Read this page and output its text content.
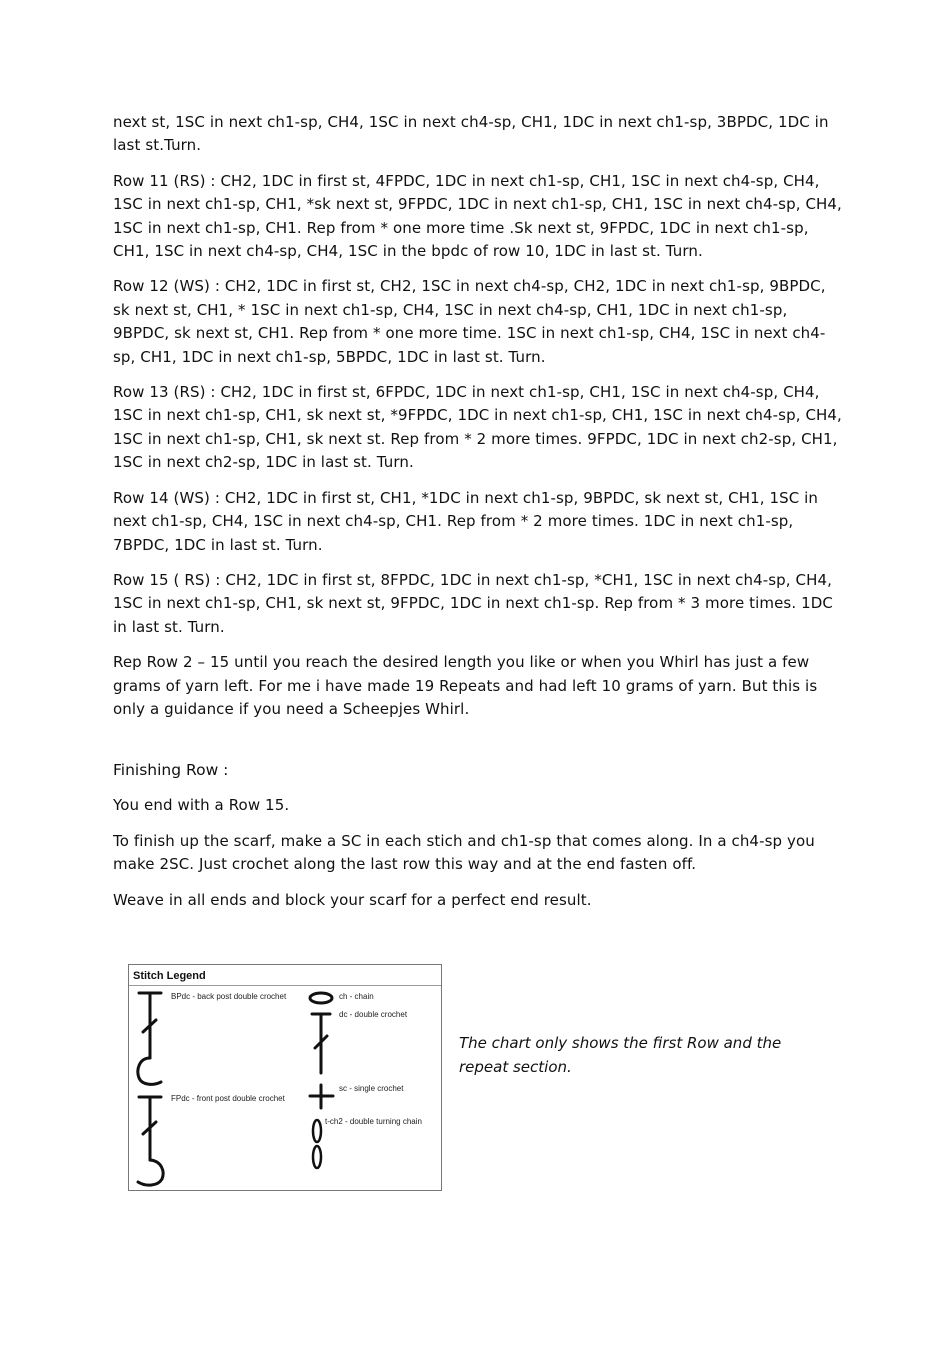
next st, 1SC in next ch1-sp, CH4, 1SC in next ch4-sp, CH1, 1DC in next ch1-sp, 3BPDC, 1DC in last st.Turn.

Row 11 (RS) : CH2, 1DC in first st, 4FPDC, 1DC in next ch1-sp, CH1, 1SC in next ch4-sp, CH4, 1SC in next ch1-sp, CH1, *sk next st, 9FPDC, 1DC in next ch1-sp, CH1, 1SC in next ch4-sp, CH4, 1SC in next ch1-sp, CH1. Rep from * one more time .Sk next st, 9FPDC, 1DC in next ch1-sp, CH1, 1SC in next ch4-sp, CH4, 1SC in the bpdc of row 10, 1DC in last st. Turn.

Row 12 (WS) : CH2, 1DC in first st, CH2, 1SC in next ch4-sp, CH2, 1DC in next ch1-sp, 9BPDC, sk next st, CH1, * 1SC in next ch1-sp, CH4, 1SC in next ch4-sp, CH1, 1DC in next ch1-sp, 9BPDC, sk next st, CH1. Rep from * one more time. 1SC in next ch1-sp, CH4, 1SC in next ch4-sp, CH1, 1DC in next ch1-sp, 5BPDC, 1DC in last st. Turn.

Row 13 (RS) : CH2, 1DC in first st, 6FPDC, 1DC in next ch1-sp, CH1, 1SC in next ch4-sp, CH4, 1SC in next ch1-sp, CH1, sk next st, *9FPDC, 1DC in next ch1-sp, CH1, 1SC in next ch4-sp, CH4, 1SC in next ch1-sp, CH1, sk next st. Rep from * 2 more times. 9FPDC, 1DC in next ch2-sp, CH1, 1SC in next ch2-sp, 1DC in last st. Turn.

Row 14 (WS) : CH2, 1DC in first st, CH1, *1DC in next ch1-sp, 9BPDC, sk next st, CH1, 1SC in next ch1-sp, CH4, 1SC in next ch4-sp, CH1. Rep from * 2 more times. 1DC in next ch1-sp, 7BPDC, 1DC in last st. Turn.

Row 15 ( RS) : CH2, 1DC in first st, 8FPDC, 1DC in next ch1-sp, *CH1, 1SC in next ch4-sp, CH4, 1SC in next ch1-sp, CH1, sk next st, 9FPDC, 1DC in next ch1-sp. Rep from * 3 more times. 1DC in last st. Turn.

Rep Row 2 – 15 until you reach the desired length you like or when you Whirl has just a few grams of yarn left. For me i have made 19 Repeats and had left 10 grams of yarn. But this is only a guidance if you need a Scheepjes Whirl.

Finishing Row :

You end with a Row 15.

To finish up the scarf, make a SC in each stich and ch1-sp that comes along. In a ch4-sp you make 2SC. Just crochet along the last row this way and at the end fasten off.

Weave in all ends and block your scarf for a perfect end result.

Stitch Legend
BPdc - back post double crochet
FPdc - front post double crochet
ch - chain
dc - double crochet
sc - single crochet
t-ch2 - double turning chain
The chart only shows the first Row and the repeat section.
